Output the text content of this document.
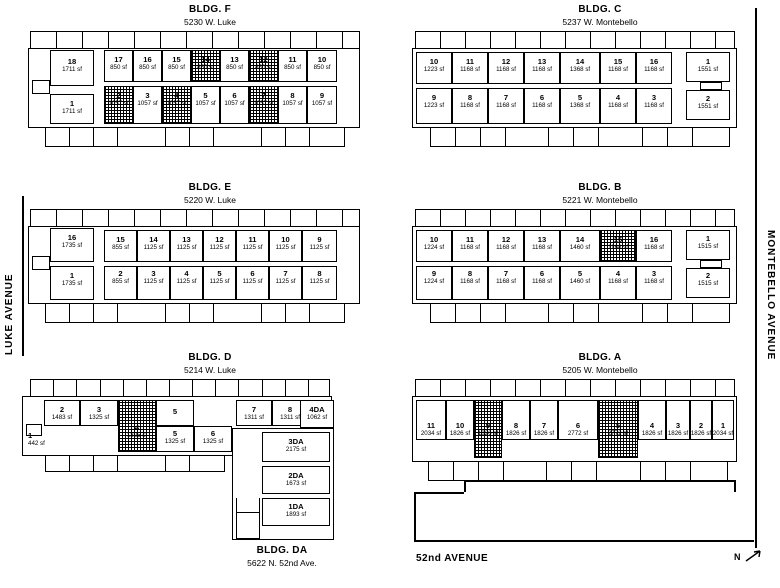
LUKE AVENUE	MONTEBELLO AVENUE
52nd AVENUE	N
BLDG. F
5230 W. Luke
18
1711 sf
17
850 sf
16
850 sf
15
850 sf
14
850 sf
13
850 sf
12
850 sf
11
850 sf
10
850 sf
1
1711 sf
2
1057 sf
3
1057 sf
4
1057 sf
5
1057 sf
6
1057 sf
7
1057 sf
8
1057 sf
9
1057 sf
BLDG. C
5237 W. Montebello
10
1223 sf
11
1168 sf
12
1168 sf
13
1168 sf
14
1368 sf
15
1168 sf
16
1168 sf
1
1551 sf
9
1223 sf
8
1168 sf
7
1168 sf
6
1168 sf
5
1368 sf
4
1168 sf
3
1168 sf
2
1551 sf
BLDG. E
5220 W. Luke
16
1735 sf
15
855 sf
14
1125 sf
13
1125 sf
12
1125 sf
11
1125 sf
10
1125 sf
9
1125 sf
1
1735 sf
2
855 sf
3
1125 sf
4
1125 sf
5
1125 sf
6
1125 sf
7
1125 sf
8
1125 sf
BLDG. B
5221 W. Montebello
10
1224 sf
11
1168 sf
12
1168 sf
13
1168 sf
14
1460 sf
15
1168 sf
16
1168 sf
1
1515 sf
9
1224 sf
8
1168 sf
7
1168 sf
6
1168 sf
5
1460 sf
4
1168 sf
3
1168 sf
2
1515 sf
BLDG. D
5214 W. Luke
2
1483 sf
1
442 sf
3
1325 sf
4
1325 sf
5
5
1325 sf
6
1325 sf
7
1311 sf
8
1311 sf
4DA
1062 sf
3DA
2175 sf
2DA
1673 sf
1DA
1893 sf
BLDG. DA
5622 N. 52nd Ave.
BLDG. A
5205 W. Montebello
11
2034 sf
10
1826 sf
9
1826 sf
8
1826 sf
7
1826 sf
6
2772 sf
5
2772 sf
4
1826 sf
3
1826 sf
2
1826 sf
1
2034 sf
